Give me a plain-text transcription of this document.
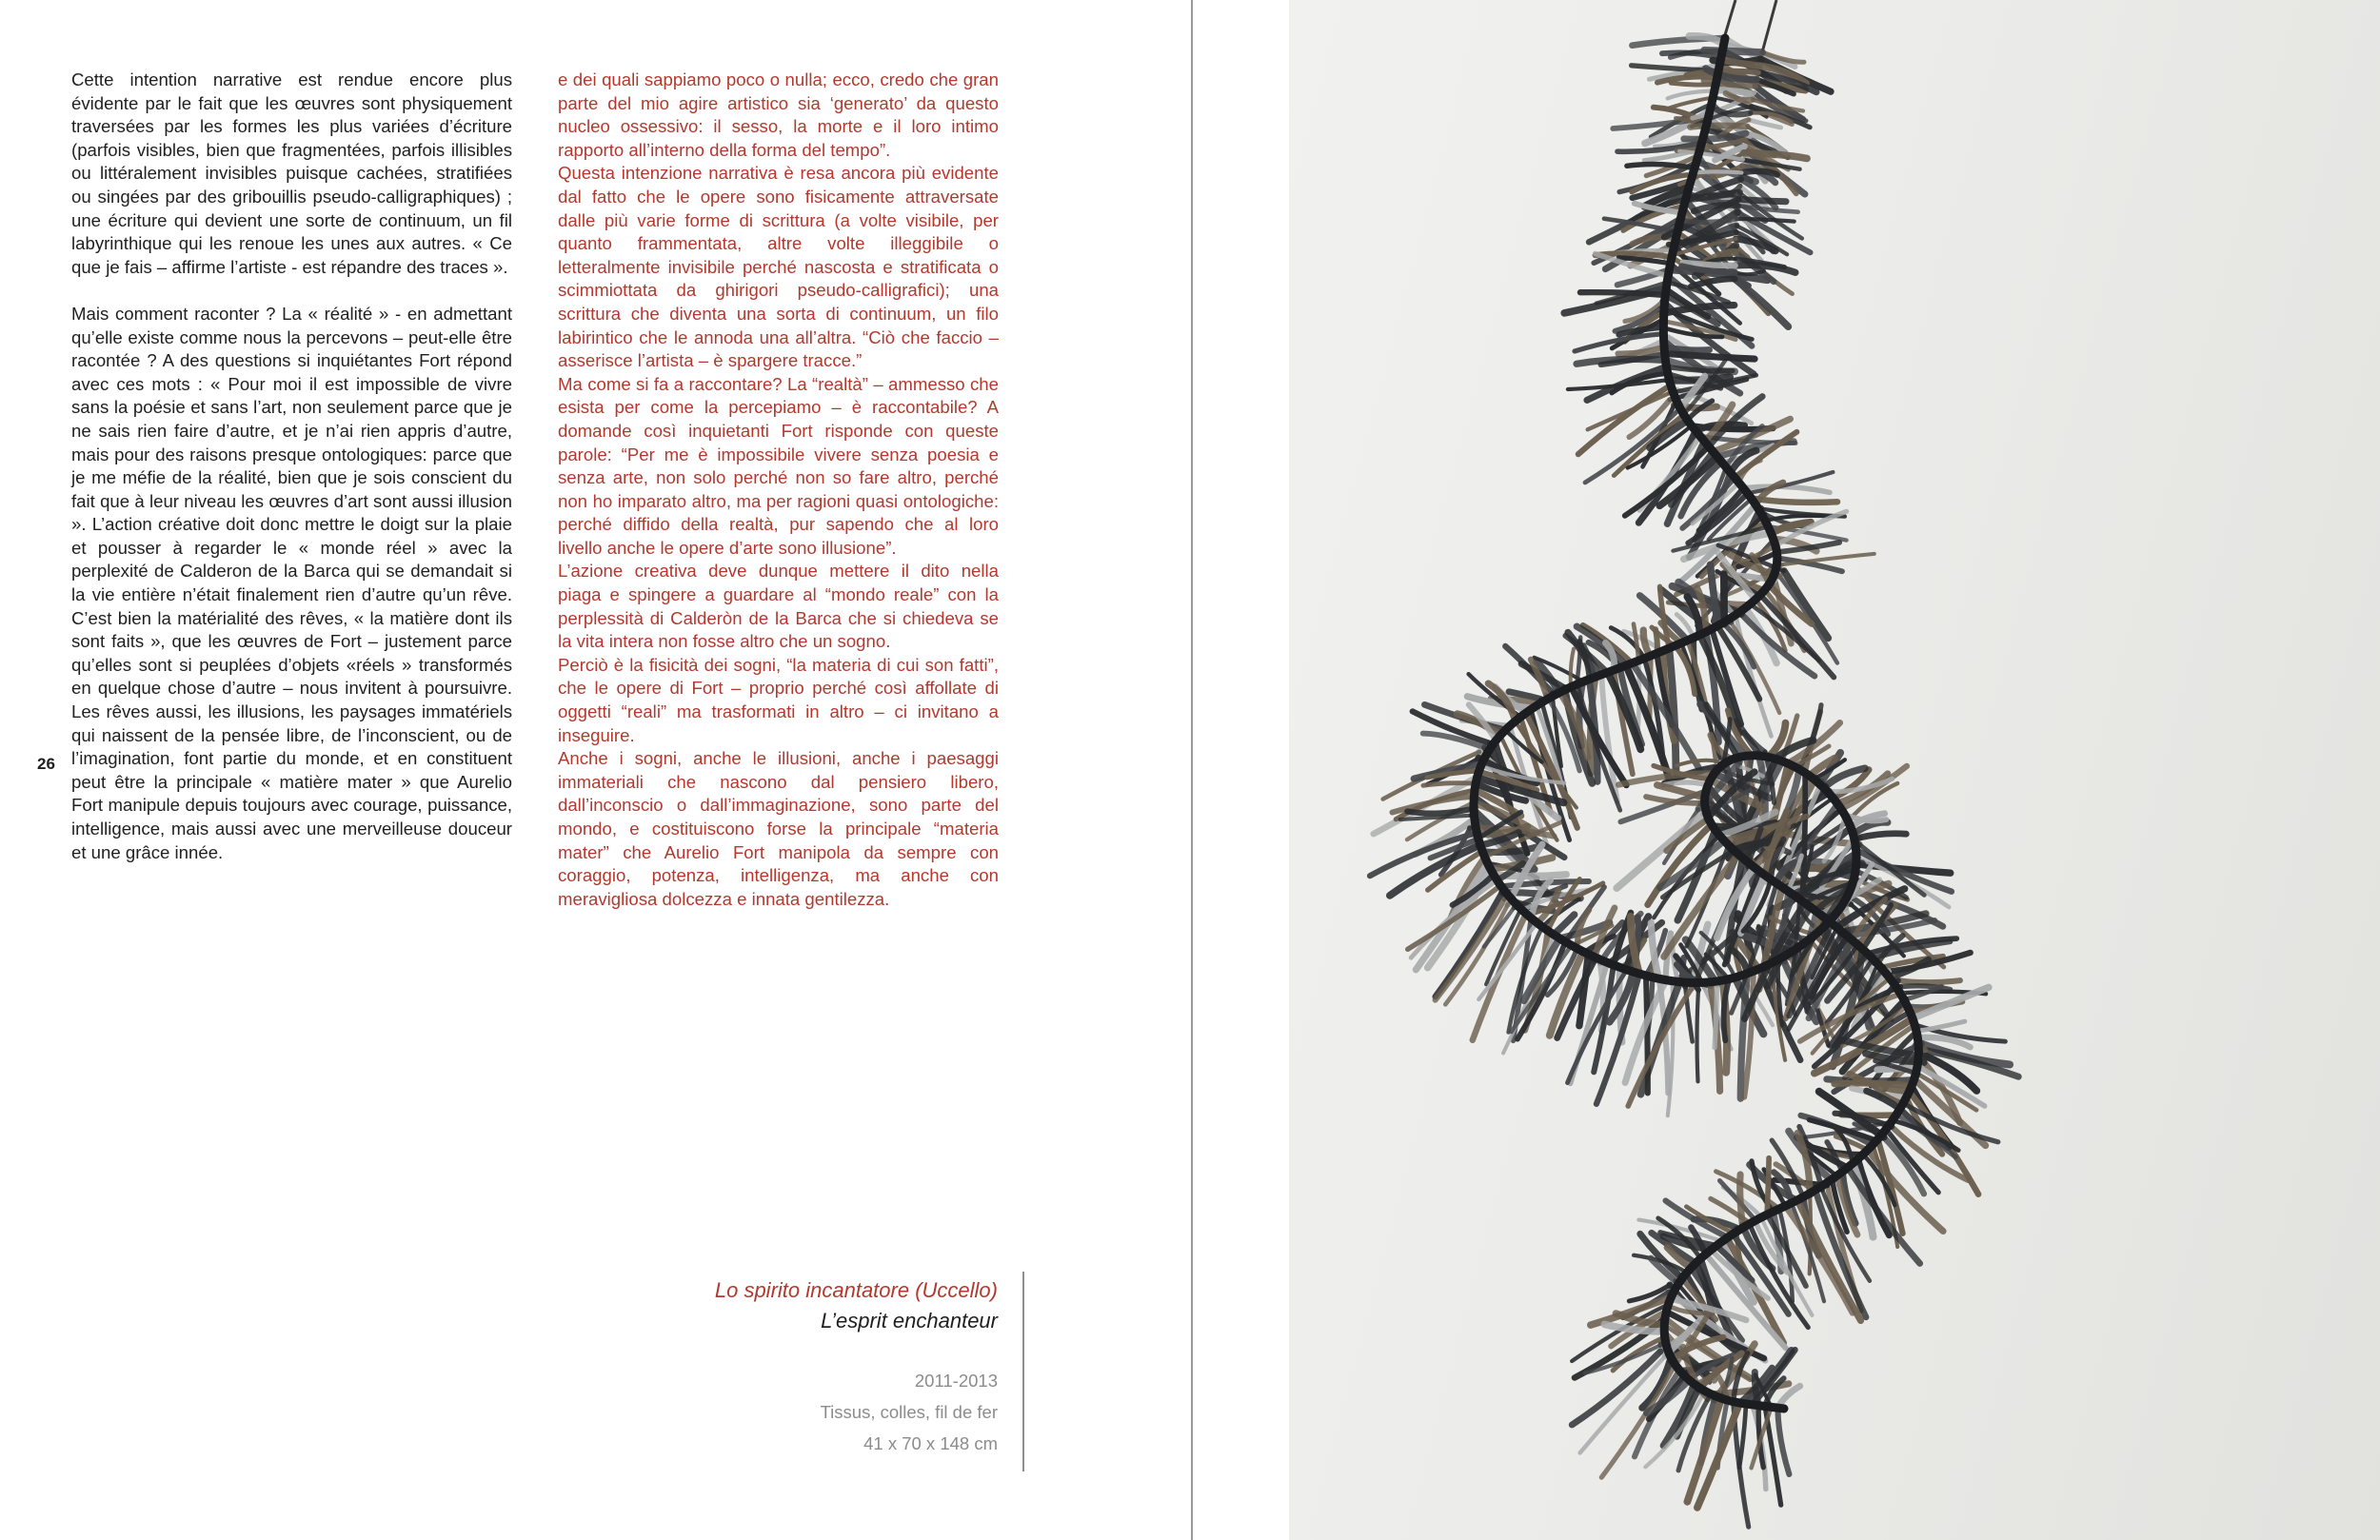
Cette intention narrative est rendue encore plus évidente par le fait que les œuvres sont physiquement traversées par les formes les plus variées d’écriture (parfois visibles, bien que fragmentées, parfois illisibles ou littéralement invisibles puisque cachées, stratifiées ou singées par des gribouillis pseudo-calligraphiques) ; une écriture qui devient une sorte de continuum, un fil labyrinthique qui les renoue les unes aux autres. « Ce que je fais – affirme l’artiste - est répandre des traces ».

Mais comment raconter ? La « réalité » - en admettant qu’elle existe comme nous la percevons – peut-elle être racontée ? A des questions si inquiétantes Fort répond avec ces mots : « Pour moi il est impossible de vivre sans la poésie et sans l’art, non seulement parce que je ne sais rien faire d’autre, et je n’ai rien appris d’autre, mais pour des raisons presque ontologiques: parce que je me méfie de la réalité, bien que je sois conscient du fait que à leur niveau les œuvres d’art sont aussi illusion ». L’action créative doit donc mettre le doigt sur la plaie et pousser à regarder le « monde réel » avec la perplexité de Calderon de la Barca qui se demandait si la vie entière n’était finalement rien d’autre qu’un rêve. C’est bien la matérialité des rêves, « la matière dont ils sont faits », que les œuvres de Fort – justement parce qu’elles sont si peuplées d’objets «réels » transformés en quelque chose d’autre – nous invitent à poursuivre. Les rêves aussi, les illusions, les paysages immatériels qui naissent de la pensée libre, de l’inconscient, ou de l’imagination, font partie du monde, et en constituent peut être la principale « matière mater » que Aurelio Fort manipule depuis toujours avec courage, puissance, intelligence, mais aussi avec une merveilleuse douceur et une grâce innée.

e dei quali sappiamo poco o nulla; ecco, credo che gran parte del mio agire artistico sia ‘generato’ da questo nucleo ossessivo: il sesso, la morte e il loro intimo rapporto all’interno della forma del tempo”.

Questa intenzione narrativa è resa ancora più evidente dal fatto che le opere sono fisicamente attraversate dalle più varie forme di scrittura (a volte visibile, per quanto frammentata, altre volte illeggibile o letteralmente invisibile perché nascosta e stratificata o scimmiottata da ghirigori pseudo-calligrafici); una scrittura che diventa una sorta di continuum, un filo labirintico che le annoda una all’altra. “Ciò che faccio – asserisce l’artista – è spargere tracce.”

Ma come si fa a raccontare? La “realtà” – ammesso che esista per come la percepiamo – è raccontabile? A domande così inquietanti Fort risponde con queste parole: “Per me è impossibile vivere senza poesia e senza arte, non solo perché non so fare altro, perché non ho imparato altro, ma per ragioni quasi ontologiche: perché diffido della realtà, pur sapendo che al loro livello anche le opere d’arte sono illusione”.

L’azione creativa deve dunque mettere il dito nella piaga e spingere a guardare al “mondo reale” con la perplessità di Calderòn de la Barca che si chiedeva se la vita intera non fosse altro che un sogno.

Perciò è la fisicità dei sogni, “la materia di cui son fatti”, che le opere di Fort – proprio perché così affollate di oggetti “reali” ma trasformati in altro – ci invitano a inseguire.

Anche i sogni, anche le illusioni, anche i paesaggi immateriali che nascono dal pensiero libero, dall’inconscio o dall’immaginazione, sono parte del mondo, e costituiscono forse la principale “materia mater” che Aurelio Fort manipola da sempre con coraggio, potenza, intelligenza, ma anche con meravigliosa dolcezza e innata gentilezza.

26
Lo spirito incantatore (Uccello)
L’esprit enchanteur
2011-2013
Tissus, colles, fil de fer
41 x 70 x 148 cm
